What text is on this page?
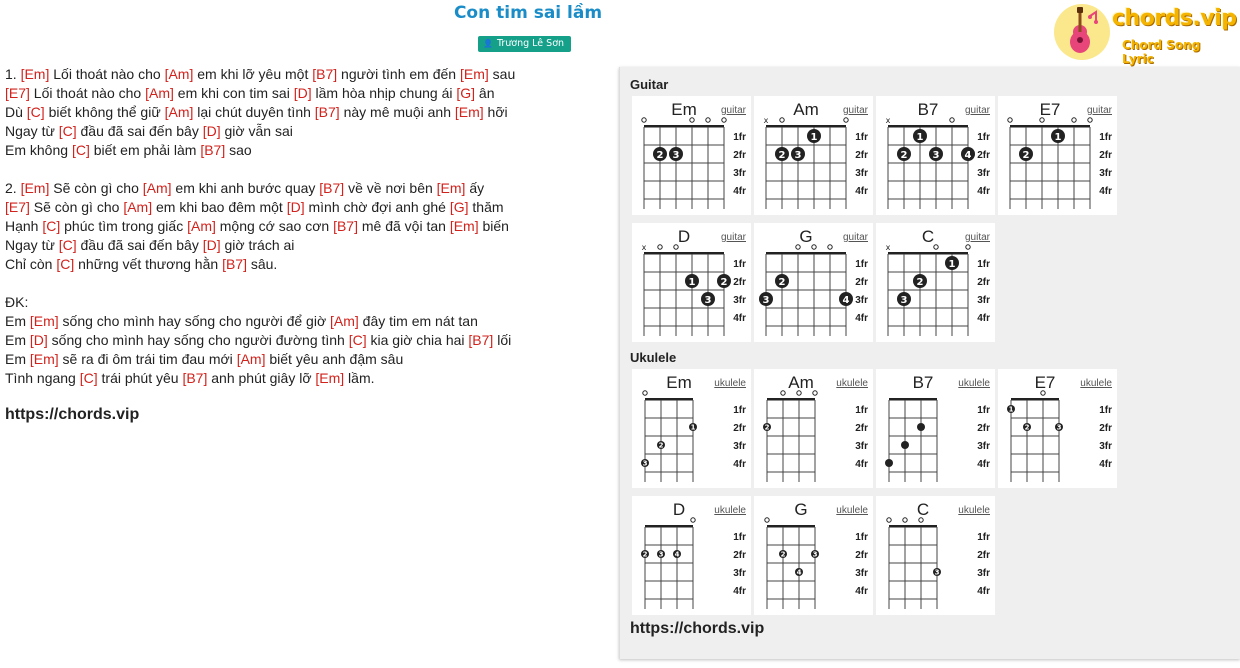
Con tim sai lầm
👤 Trương Lê Sơn
chords.vip
Chord Song Lyric
1. [Em] Lối thoát nào cho [Am] em khi lỡ yêu một [B7] người tình em đến [Em] sau
[E7] Lối thoát nào cho [Am] em khi con tim sai [D] lầm hòa nhịp chung ái [G] ân
Dù [C] biết không thể giữ [Am] lại chút duyên tình [B7] này mê muội anh [Em] hỡi
Ngay từ [C] đầu đã sai đến bây [D] giờ vẫn sai
Em không [C] biết em phải làm [B7] sao
2. [Em] Sẽ còn gì cho [Am] em khi anh bước quay [B7] về về nơi bên [Em] ấy
[E7] Sẽ còn gì cho [Am] em khi bao đêm một [D] mình chờ đợi anh ghé [G] thăm
Hạnh [C] phúc tìm trong giấc [Am] mộng cớ sao cơn [B7] mê đã vội tan [Em] biến
Ngay từ [C] đầu đã sai đến bây [D] giờ trách ai
Chỉ còn [C] những vết thương hằn [B7] sâu.
ĐK:
Em [Em] sống cho mình hay sống cho người để giờ [Am] đây tim em nát tan
Em [D] sống cho mình hay sống cho người đường tình [C] kia giờ chia hai [B7] lối
Em [Em] sẽ ra đi ôm trái tim đau mới [Am] biết yêu anh đậm sâu
Tình ngang [C] trái phút yêu [B7] anh phút giây lỡ [Em] lầm.
https://chords.vip
Guitar
Ukulele
Em guitar
1fr
2fr
3fr
4fr
2 3
Am guitar
x
1fr
2fr
3fr
4fr
2 3
1
B7	guitar
x
1fr
2fr
3fr
4fr
2
1
3	4
E7	guitar
1fr
2fr
3fr
4fr
2
1
D	guitar
x
1fr
2fr
3fr
4fr
1
3
2
G	guitar
1fr
2fr
3fr
4fr
3
2
4
C	guitar
x
1fr
2fr
3fr
4fr
3
2
1
Em ukulele
1fr
2fr
3fr
4fr
3
2
1
Am ukulele
1fr
2fr
3fr
4fr
2
B7 ukulele
1fr
2fr
3fr
4fr
E7 ukulele
1fr
2fr
3fr
4fr
1
2	3
D	ukulele
1fr
2fr
3fr
4fr
2 3 4
G	ukulele
1fr
2fr
3fr
4fr
2
4
3
C	ukulele
1fr
2fr
3fr
4fr
3
https://chords.vip
